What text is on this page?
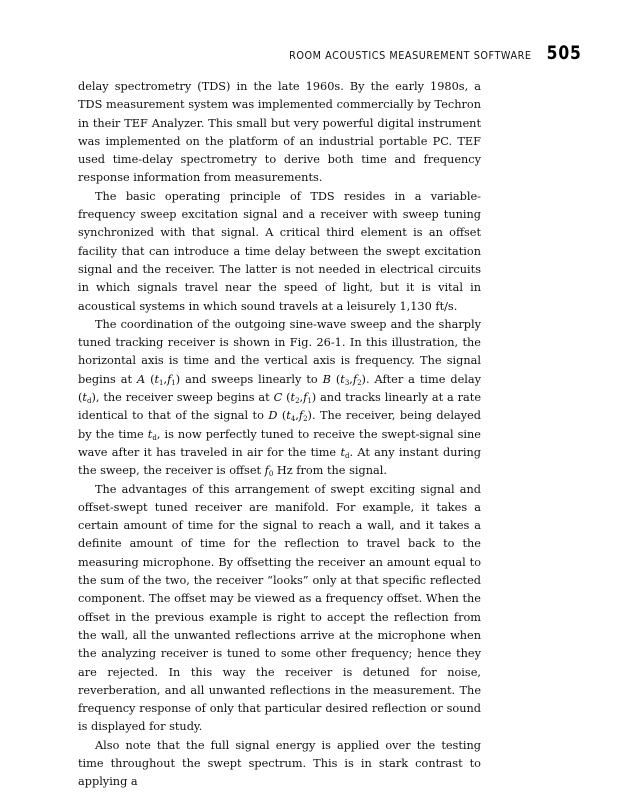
ROOM ACOUSTICS MEASUREMENT SOFTWARE 505

delay spectrometry (TDS) in the late 1960s. By the early 1980s, a TDS measurement system was implemented commercially by Techron in their TEF Analyzer. This small but very powerful digital instrument was implemented on the platform of an industrial portable PC. TEF used time-delay spectrometry to derive both time and frequency response information from measurements.

The basic operating principle of TDS resides in a variable-frequency sweep excitation signal and a receiver with sweep tuning synchronized with that signal. A critical third element is an offset facility that can introduce a time delay between the swept excitation signal and the receiver. The latter is not needed in electrical circuits in which signals travel near the speed of light, but it is vital in acoustical systems in which sound travels at a leisurely 1,130 ft/s.

The coordination of the outgoing sine-wave sweep and the sharply tuned tracking receiver is shown in Fig. 26-1. In this illustration, the horizontal axis is time and the vertical axis is frequency. The signal begins at A $(t_1,f_1)$ and sweeps linearly to B $(t_3,f_2)$. After a time delay $(t_d)$, the receiver sweep begins at C $(t_2,f_1)$ and tracks linearly at a rate identical to that of the signal to D $(t_4,f_2)$. The receiver, being delayed by the time $t_d$, is now perfectly tuned to receive the swept-signal sine wave after it has traveled in air for the time $t_d$. At any instant during the sweep, the receiver is offset $f_0$ Hz from the signal.

The advantages of this arrangement of swept exciting signal and offset-swept tuned receiver are manifold. For example, it takes a certain amount of time for the signal to reach a wall, and it takes a definite amount of time for the reflection to travel back to the measuring microphone. By offsetting the receiver an amount equal to the sum of the two, the receiver “looks” only at that specific reflected component. The offset may be viewed as a frequency offset. When the offset in the previous example is right to accept the reflection from the wall, all the unwanted reflections arrive at the microphone when the analyzing receiver is tuned to some other frequency; hence they are rejected. In this way the receiver is detuned for noise, reverberation, and all unwanted reflections in the measurement. The frequency response of only that particular desired reflection or sound is displayed for study.

Also note that the full signal energy is applied over the testing time throughout the swept spectrum. This is in stark contrast to applying a
